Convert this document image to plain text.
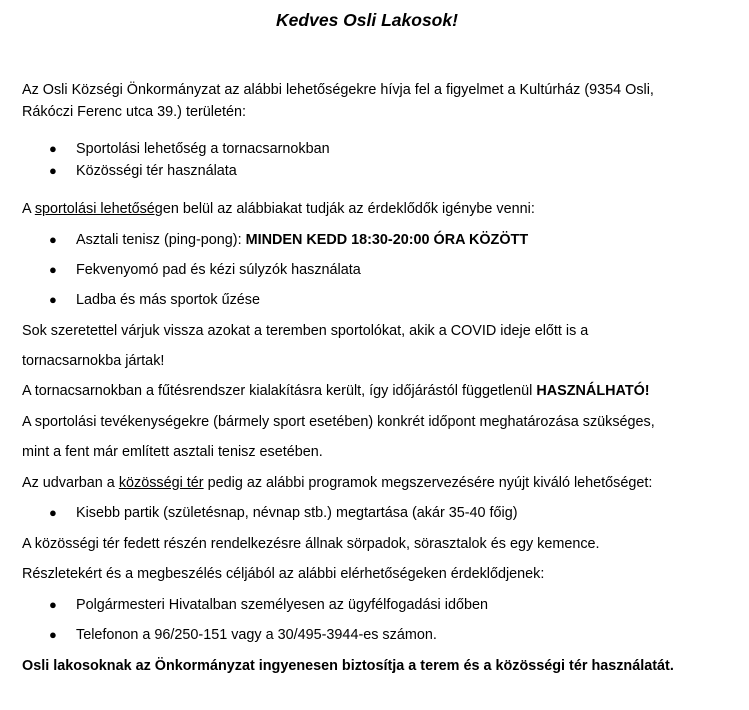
Kedves Osli Lakosok!
Az Osli Községi Önkormányzat az alábbi lehetőségekre hívja fel a figyelmet a Kultúrház (9354 Osli,
Rákóczi Ferenc utca 39.) területén:
● Sportolási lehetőség a tornacsarnokban
● Közösségi tér használata
A sportolási lehetőségen belül az alábbiakat tudják az érdeklődők igénybe venni:
● Asztali tenisz (ping-pong): MINDEN KEDD 18:30-20:00 ÓRA KÖZÖTT
● Fekvenyomó pad és kézi súlyzók használata
● Ladba és más sportok űzése
Sok szeretettel várjuk vissza azokat a teremben sportolókat, akik a COVID ideje előtt is a
tornacsarnokba jártak!
A tornacsarnokban a fűtésrendszer kialakításra került, így időjárástól függetlenül HASZNÁLHATÓ!
A sportolási tevékenységekre (bármely sport esetében) konkrét időpont meghatározása szükséges,
mint a fent már említett asztali tenisz esetében.
Az udvarban a közösségi tér pedig az alábbi programok megszervezésére nyújt kiváló lehetőséget:
● Kisebb partik (születésnap, névnap stb.) megtartása (akár 35-40 főig)
A közösségi tér fedett részén rendelkezésre állnak sörpadok, sörasztalok és egy kemence.
Részletekért és a megbeszélés céljából az alábbi elérhetőségeken érdeklődjenek:
● Polgármesteri Hivatalban személyesen az ügyfélfogadási időben
● Telefonon a 96/250-151 vagy a 30/495-3944-es számon.
Osli lakosoknak az Önkormányzat ingyenesen biztosítja a terem és a közösségi tér használatát.
